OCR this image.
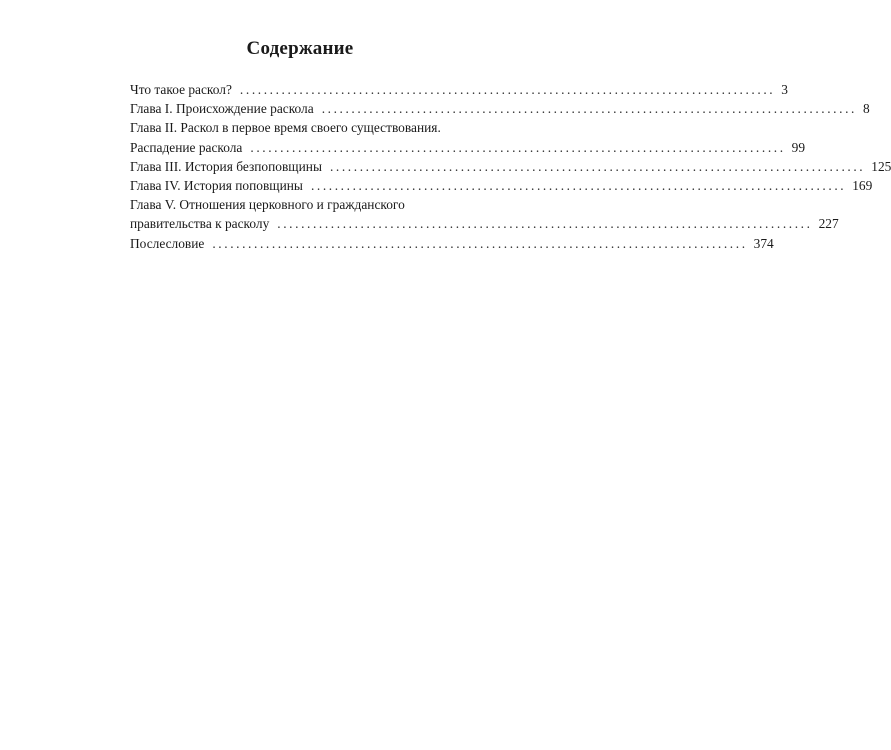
Содержание
Что такое раскол? .......................................................................................... 3
Глава I. Происхождение раскола .......................................................................................... 8
Глава II. Раскол в первое время своего существования.
Распадение раскола .......................................................................................... 99
Глава III. История безпоповщины .......................................................................................... 125
Глава IV. История поповщины .......................................................................................... 169
Глава V. Отношения церковного и гражданского
правительства к расколу .......................................................................................... 227
Послесловие .......................................................................................... 374
